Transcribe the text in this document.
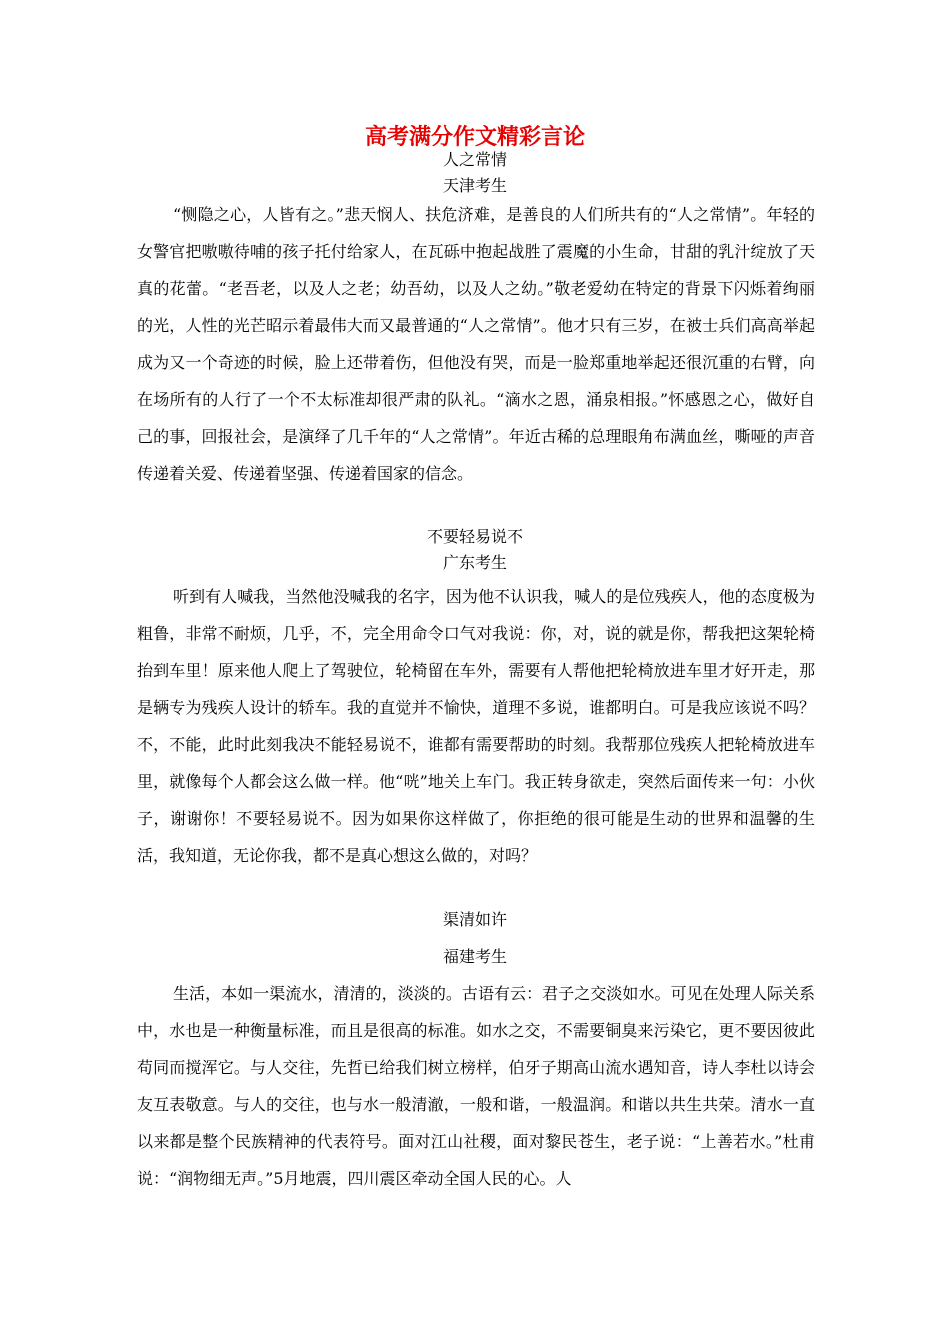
高考满分作文精彩言论

人之常情

天津考生

“恻隐之心，人皆有之。”悲天悯人、扶危济难，是善良的人们所共有的“人之常情”。年轻的女警官把嗷嗷待哺的孩子托付给家人，在瓦砾中抱起战胜了震魔的小生命，甘甜的乳汁绽放了天真的花蕾。“老吾老，以及人之老；幼吾幼，以及人之幼。”敬老爱幼在特定的背景下闪烁着绚丽的光，人性的光芒昭示着最伟大而又最普通的“人之常情”。他才只有三岁，在被士兵们高高举起成为又一个奇迹的时候，脸上还带着伤，但他没有哭，而是一脸郑重地举起还很沉重的右臂，向在场所有的人行了一个不太标准却很严肃的队礼。“滴水之恩，涌泉相报。”怀感恩之心，做好自己的事，回报社会，是演绎了几千年的“人之常情”。年近古稀的总理眼角布满血丝，嘶哑的声音传递着关爱、传递着坚强、传递着国家的信念。

不要轻易说不

广东考生

听到有人喊我，当然他没喊我的名字，因为他不认识我，喊人的是位残疾人，他的态度极为粗鲁，非常不耐烦，几乎，不，完全用命令口气对我说：你，对，说的就是你，帮我把这架轮椅抬到车里！原来他人爬上了驾驶位，轮椅留在车外，需要有人帮他把轮椅放进车里才好开走，那是辆专为残疾人设计的轿车。我的直觉并不愉快，道理不多说，谁都明白。可是我应该说不吗？不，不能，此时此刻我决不能轻易说不，谁都有需要帮助的时刻。我帮那位残疾人把轮椅放进车里，就像每个人都会这么做一样。他“咣”地关上车门。我正转身欲走，突然后面传来一句：小伙子，谢谢你！不要轻易说不。因为如果你这样做了，你拒绝的很可能是生动的世界和温馨的生活，我知道，无论你我，都不是真心想这么做的，对吗？

渠清如许

福建考生

生活，本如一渠流水，清清的，淡淡的。古语有云：君子之交淡如水。可见在处理人际关系中，水也是一种衡量标准，而且是很高的标准。如水之交，不需要铜臭来污染它，更不要因彼此苟同而搅浑它。与人交往，先哲已给我们树立榜样，伯牙子期高山流水遇知音，诗人李杜以诗会友互表敬意。与人的交往，也与水一般清澈，一般和谐，一般温润。和谐以共生共荣。清水一直以来都是整个民族精神的代表符号。面对江山社稷，面对黎民苍生，老子说：“上善若水。”杜甫说：“润物细无声。”5月地震，四川震区牵动全国人民的心。人
